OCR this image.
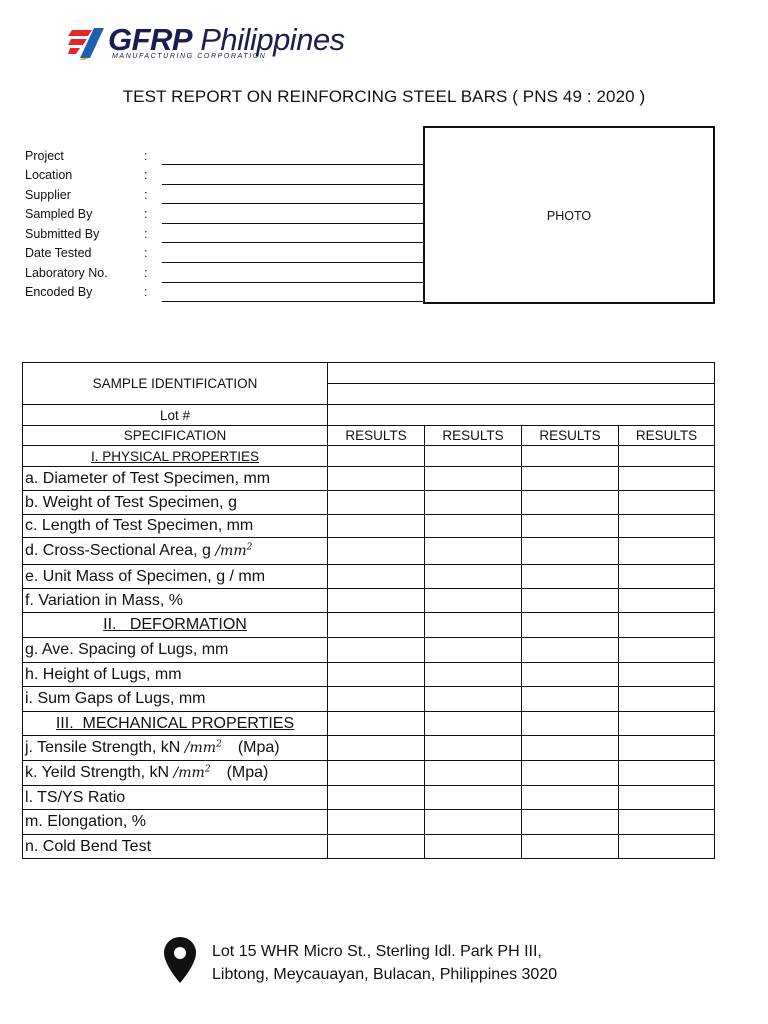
GFRP Philippines
MANUFACTURING CORPORATION
TEST REPORT ON REINFORCING STEEL BARS ( PNS 49 : 2020 )
Project	:
Location	:
Supplier	:
Sampled By	:
Submitted By	:
Date Tested	:
Laboratory No.	:
Encoded By	:
PHOTO
SAMPLE IDENTIFICATION				

Lot #				
SPECIFICATION	RESULTS	RESULTS	RESULTS	RESULTS
I. PHYSICAL PROPERTIES				
a. Diameter of Test Specimen, mm				
b. Weight of Test Specimen, g				
c. Length of Test Specimen, mm				
d. Cross-Sectional Area, g $/mm^2$				
e. Unit Mass of Specimen, g / mm				
f. Variation in Mass, %				
II.   DEFORMATION				
g. Ave. Spacing of Lugs, mm				
h. Height of Lugs, mm				
i. Sum Gaps of Lugs, mm				
III.  MECHANICAL PROPERTIES				
j. Tensile Strength, kN $/mm^2$ (Mpa)				
k. Yeild Strength, kN $/mm^2$ (Mpa)				
l. TS/YS Ratio				
m. Elongation, %				
n. Cold Bend Test				
Lot 15 WHR Micro St., Sterling Idl. Park PH III,
Libtong, Meycauayan, Bulacan, Philippines 3020
